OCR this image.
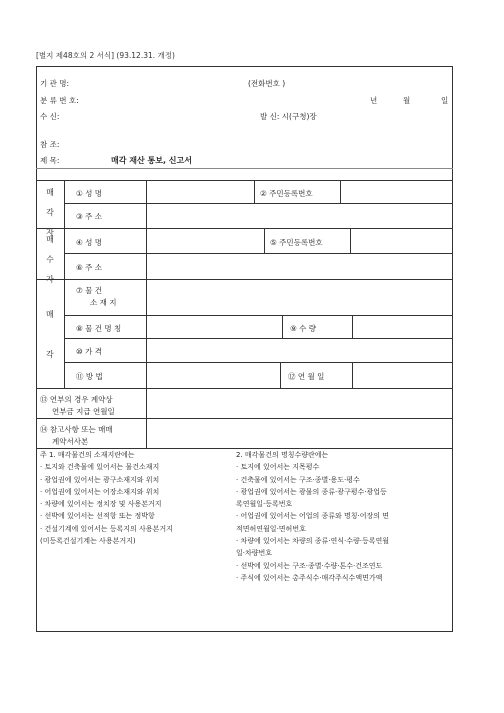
[별지 제48호의 2 서식] (93.12.31. 개정)
기 관 명:	(전화번호 )
분 류 번 호:	년	월	일
수 신:	발 신: 시(구청)장
참 조:
제 목:	매각 재산 통보, 신고서
매각자
① 성 명	② 주민등록번호
③ 주 소
매수자
④ 성 명	⑤ 주민등록번호
⑥ 주 소
매
각
⑦ 물 건
소 재 지
⑧ 물 건 명 칭	⑨ 수 량
⑩ 가 격
⑪ 방 법	⑫ 연 월 일
⑬ 연부의 경우 계약상
연부금 지급 연월일
⑭ 참고사항 또는 매매
계약서사본
주 1. 매각물건의 소재지란에는
· 토지와 건축물에 있어서는 물건소재지
· 광업권에 있어서는 광구소재지와 위치
· 어업권에 있어서는 어장소재지와 위치
· 차량에 있어서는 정치장 및 사용본거지
· 선박에 있어서는 선적항 또는 정박항
· 건설기계에 있어서는 등록지의 사용본거지
(미등록건설기계는 사용본거지)
2. 매각물건의 명칭수량란에는
· 토지에 있어서는 지목평수
· 건축물에 있어서는 구조·종별·용도·평수
· 광업권에 있어서는 광물의 종류·광구평수·광업등
록연월일·등록번호
· 어업권에 있어서는 어업의 종류와 명칭·어장의 면
적면허연월일·면허번호
· 차량에 있어서는 차량의 종류·연식·수량·등록연월
일·차량번호
· 선박에 있어서는 구조·종별·수량·톤수·건조연도
· 주식에 있어서는 총주식수·매각주식수액면가액
